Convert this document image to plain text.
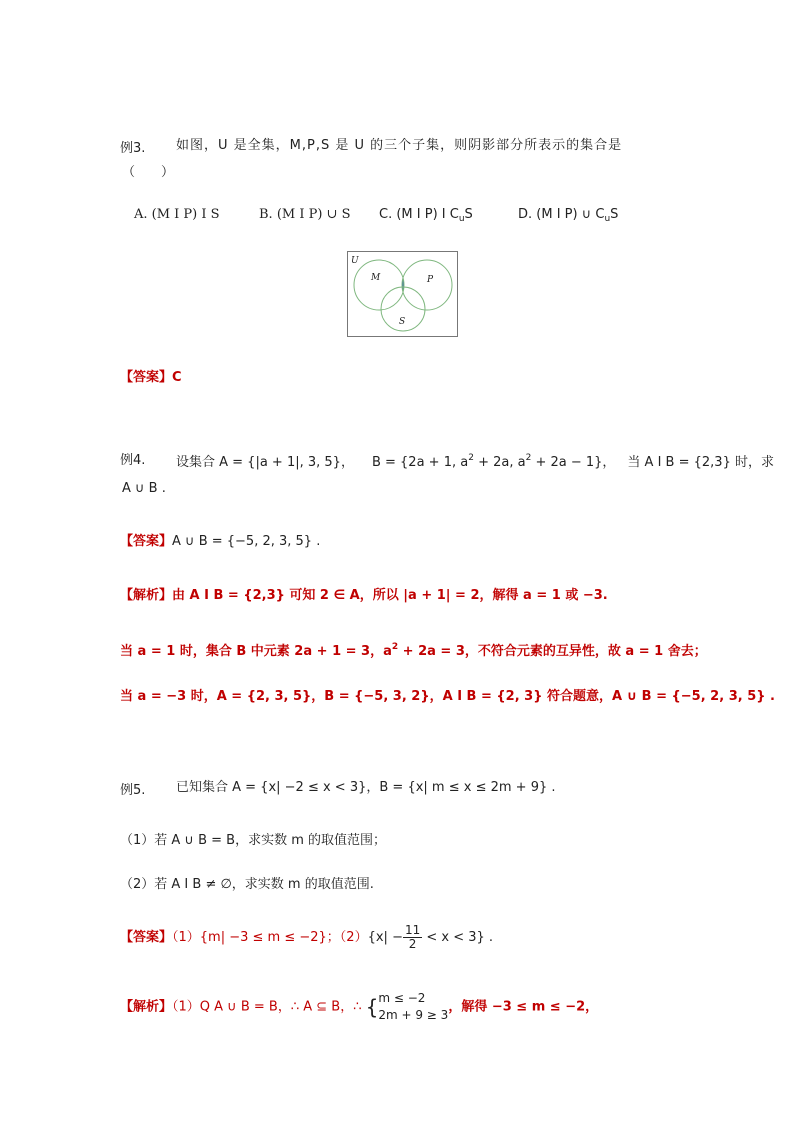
例3. 如图，U 是全集，M,P,S 是 U 的三个子集，则阴影部分所表示的集合是
（　　）
A. (M I P) I S	B. (M I P) ∪ S C. (M I P) I $C_uS$	D. (M I P) ∪ $C_uS$
U
M	P
S
【答案】C
例4. 设集合 A = {|a + 1|, 3, 5}， B = {2a + 1, $a^2 + 2a$, $a^2 + 2a - 1$}， 当 A I B = {2,3} 时，求
A ∪ B .
【答案】A ∪ B = {−5, 2, 3, 5} .
【解析】由 A I B = {2,3} 可知 2 ∈ A，所以 |a + 1| = 2，解得 a = 1 或 −3.
当 a = 1 时，集合 B 中元素 2a + 1 = 3，$a^2 + 2a = 3$，不符合元素的互异性，故 a = 1 舍去；
当 a = −3 时，A = {2, 3, 5}，B = {−5, 3, 2}，A I B = {2, 3} 符合题意，A ∪ B = {−5, 2, 3, 5} .
例5. 已知集合 A = {x| −2 ≤ x < 3}，B = {x| m ≤ x ≤ 2m + 9} .
（1）若 A ∪ B = B，求实数 m 的取值范围；
（2）若 A I B ≠ ∅，求实数 m 的取值范围.
【答案】（1）{m| −3 ≤ m ≤ −2}；$(2)\{x| - \frac{11}{2} < x < 3\}$ .
【解析】（1）Q A ∪ B = B，∴ A ⊆ B，∴ { m ≤ −2
2m + 9 ≥ 3
，解得 −3 ≤ m ≤ −2，
